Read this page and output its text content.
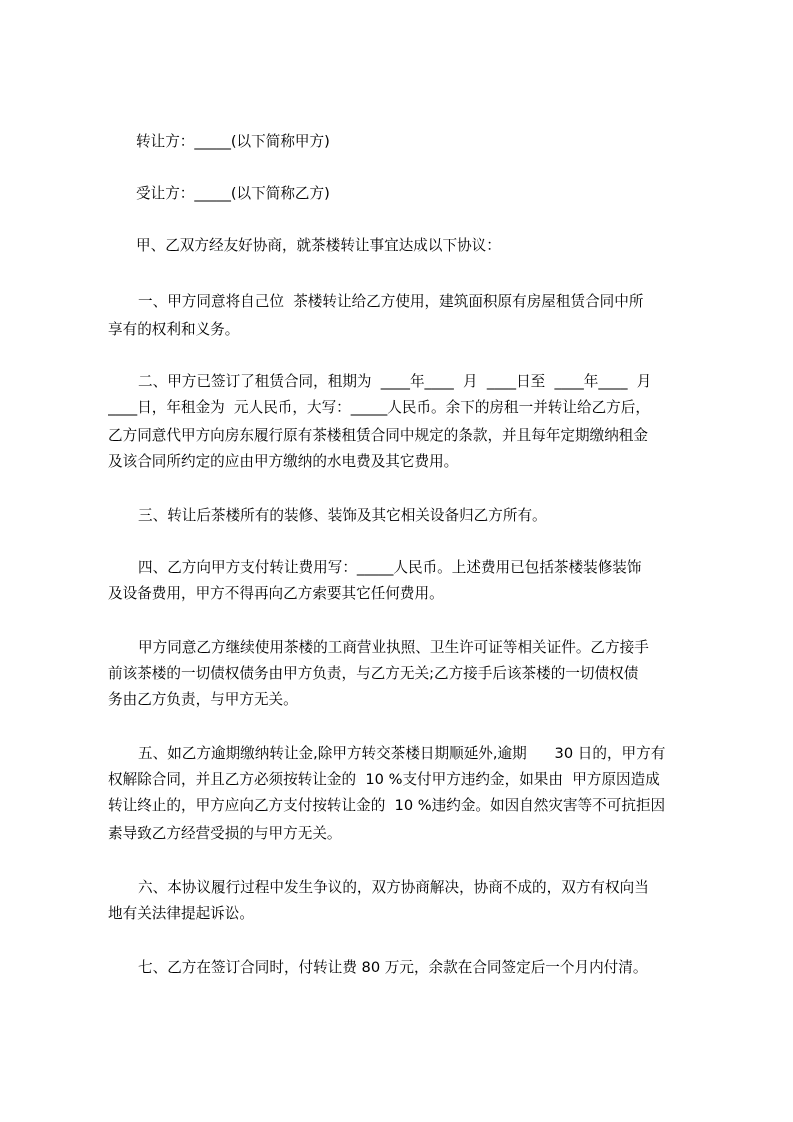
转让方：_____(以下简称甲方)

受让方：_____(以下简称乙方)

甲、乙双方经友好协商，就茶楼转让事宜达成以下协议：

一、甲方同意将自己位  茶楼转让给乙方使用，建筑面积原有房屋租赁合同中所

享有的权利和义务。

二、甲方已签订了租赁合同，租期为  ____年____  月  ____日至  ____年____  月

____日，年租金为  元人民币，大写：_____人民币。余下的房租一并转让给乙方后，

乙方同意代甲方向房东履行原有茶楼租赁合同中规定的条款，并且每年定期缴纳租金

及该合同所约定的应由甲方缴纳的水电费及其它费用。

三、转让后茶楼所有的装修、装饰及其它相关设备归乙方所有。

四、乙方向甲方支付转让费用写：_____人民币。上述费用已包括茶楼装修装饰

及设备费用，甲方不得再向乙方索要其它任何费用。

甲方同意乙方继续使用茶楼的工商营业执照、卫生许可证等相关证件。乙方接手

前该茶楼的一切债权债务由甲方负责，与乙方无关;乙方接手后该茶楼的一切债权债

务由乙方负责，与甲方无关。

五、如乙方逾期缴纳转让金,除甲方转交茶楼日期顺延外,逾期      30 日的，甲方有

权解除合同，并且乙方必须按转让金的  10 %支付甲方违约金，如果由  甲方原因造成

转让终止的，甲方应向乙方支付按转让金的  10 %违约金。如因自然灾害等不可抗拒因

素导致乙方经营受损的与甲方无关。

六、本协议履行过程中发生争议的，双方协商解决，协商不成的，双方有权向当

地有关法律提起诉讼。

七、乙方在签订合同时，付转让费 80 万元，余款在合同签定后一个月内付清。
